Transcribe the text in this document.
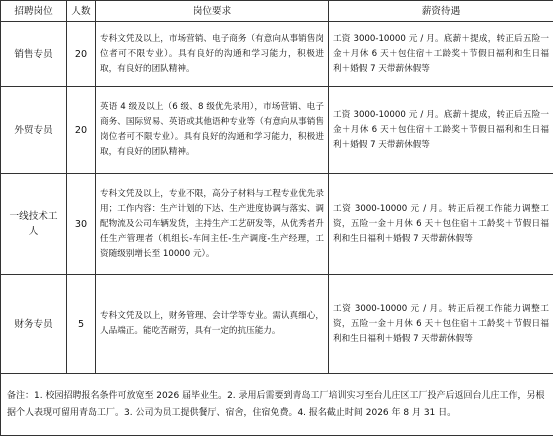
招聘岗位	人数	岗位要求	薪资待遇
销售专员	20	专科文凭及以上，市场营销、电子商务（有意向从事销售岗位者可不限专业）。具有良好的沟通和学习能力，积极进取，有良好的团队精神。	工资 3000-10000 元 / 月。底薪＋提成，转正后五险一金＋月休 6 天＋包住宿＋工龄奖＋节假日福利和生日福利＋婚假 7 天带薪休假等
外贸专员	20	英语 4 级及以上（6 级、8 级优先录用），市场营销、电子商务、国际贸易、英语或其他语种专业等（有意向从事销售岗位者可不限专业）。具有良好的沟通和学习能力，积极进取，有良好的团队精神。	工资 3000-10000 元 / 月。底薪＋提成，转正后五险一金＋月休 6 天＋包住宿＋工龄奖＋节假日福利和生日福利＋婚假 7 天带薪休假等
一线技术工人	30	专科文凭及以上，专业不限，高分子材料与工程专业优先录用；工作内容：生产计划的下达、生产进度协调与落实、调配物流及公司车辆发货，主持生产工艺研发等，从优秀者升任生产管理者（机组长-车间主任-生产调度-生产经理，工资随级别增长至 10000 元）。	工资 3000-10000 元 / 月。转正后视工作能力调整工资，五险一金＋月休 6 天＋包住宿＋工龄奖＋节假日福利和生日福利＋婚假 7 天带薪休假等
财务专员	5	专科文凭及以上，财务管理、会计学等专业。需认真细心，人品端正。能吃苦耐劳，具有一定的抗压能力。	工资 3000-10000 元 / 月。转正后视工作能力调整工资，五险一金＋月休 6 天＋包住宿＋工龄奖＋节假日福利和生日福利＋婚假 7 天带薪休假等
备注：1. 校园招聘报名条件可放宽至 2026 届毕业生。2. 录用后需要到青岛工厂培训实习至台儿庄区工厂投产后返回台儿庄工作，另根据个人表现可留用青岛工厂。3. 公司为员工提供餐厅、宿舍，住宿免费。4. 报名截止时间 2026 年 8 月 31 日。			
